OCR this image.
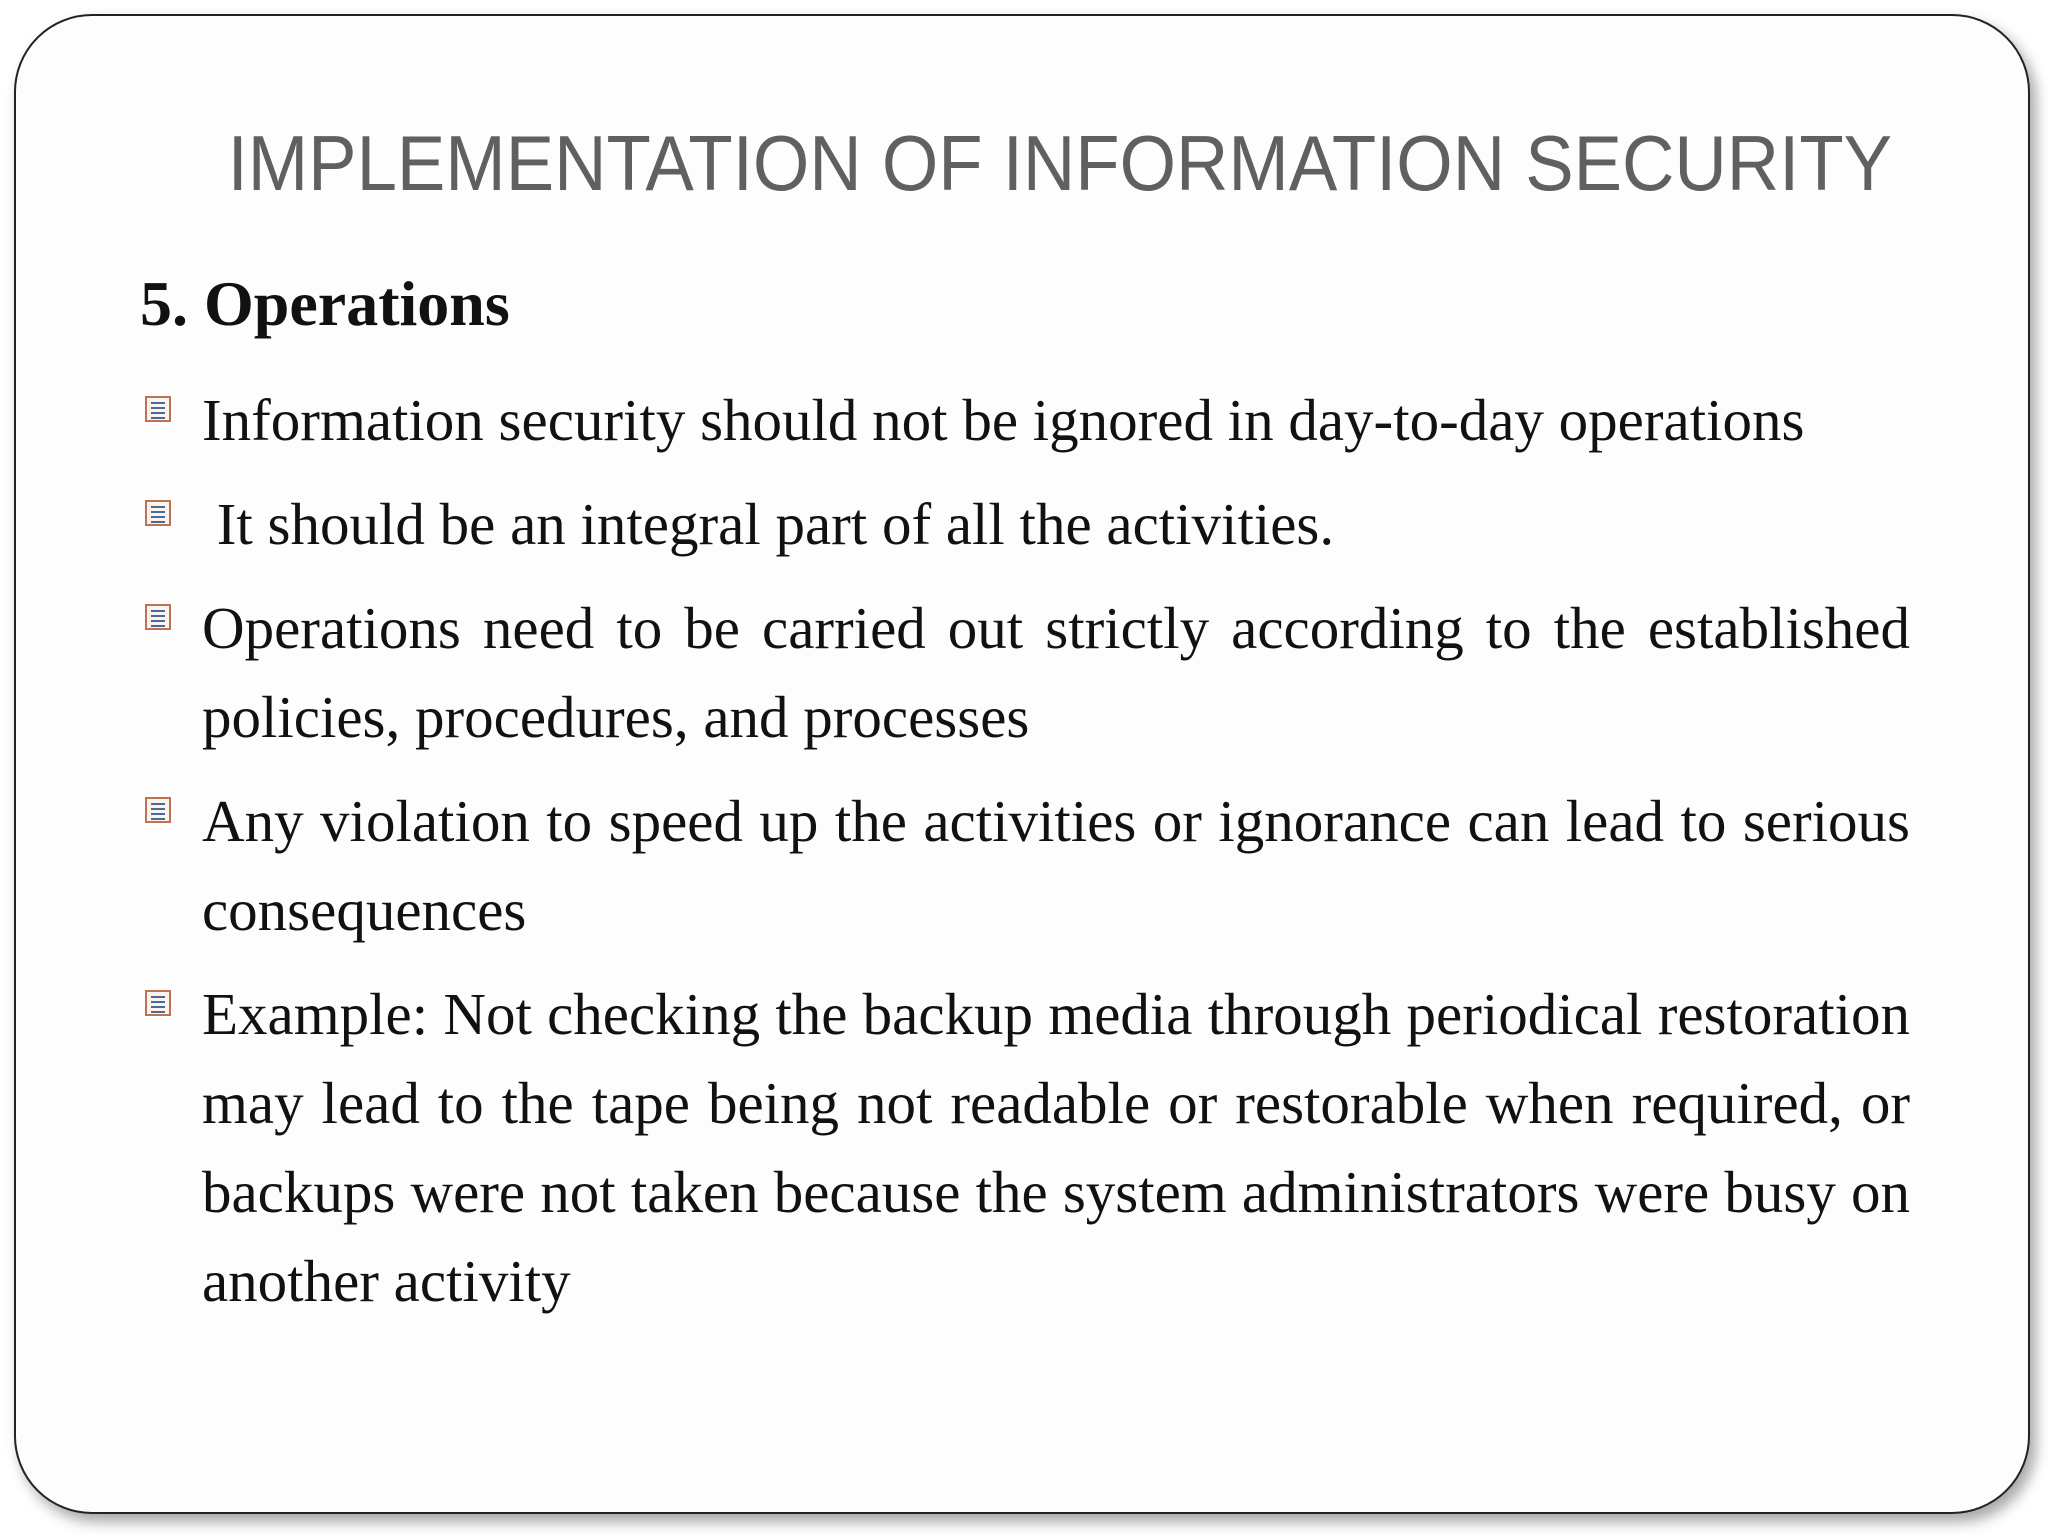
IMPLEMENTATION OF INFORMATION SECURITY
5. Operations
Information security should not be ignored in day-to-day operations
It should be an integral part of all the activities.
Operations need to be carried out strictly according to the established policies, procedures, and processes
Any violation to speed up the activities or ignorance can lead to serious consequences
Example: Not checking the backup media through periodical restoration may lead to the tape being not readable or restorable when required, or backups were not taken because the system administrators were busy on another activity
